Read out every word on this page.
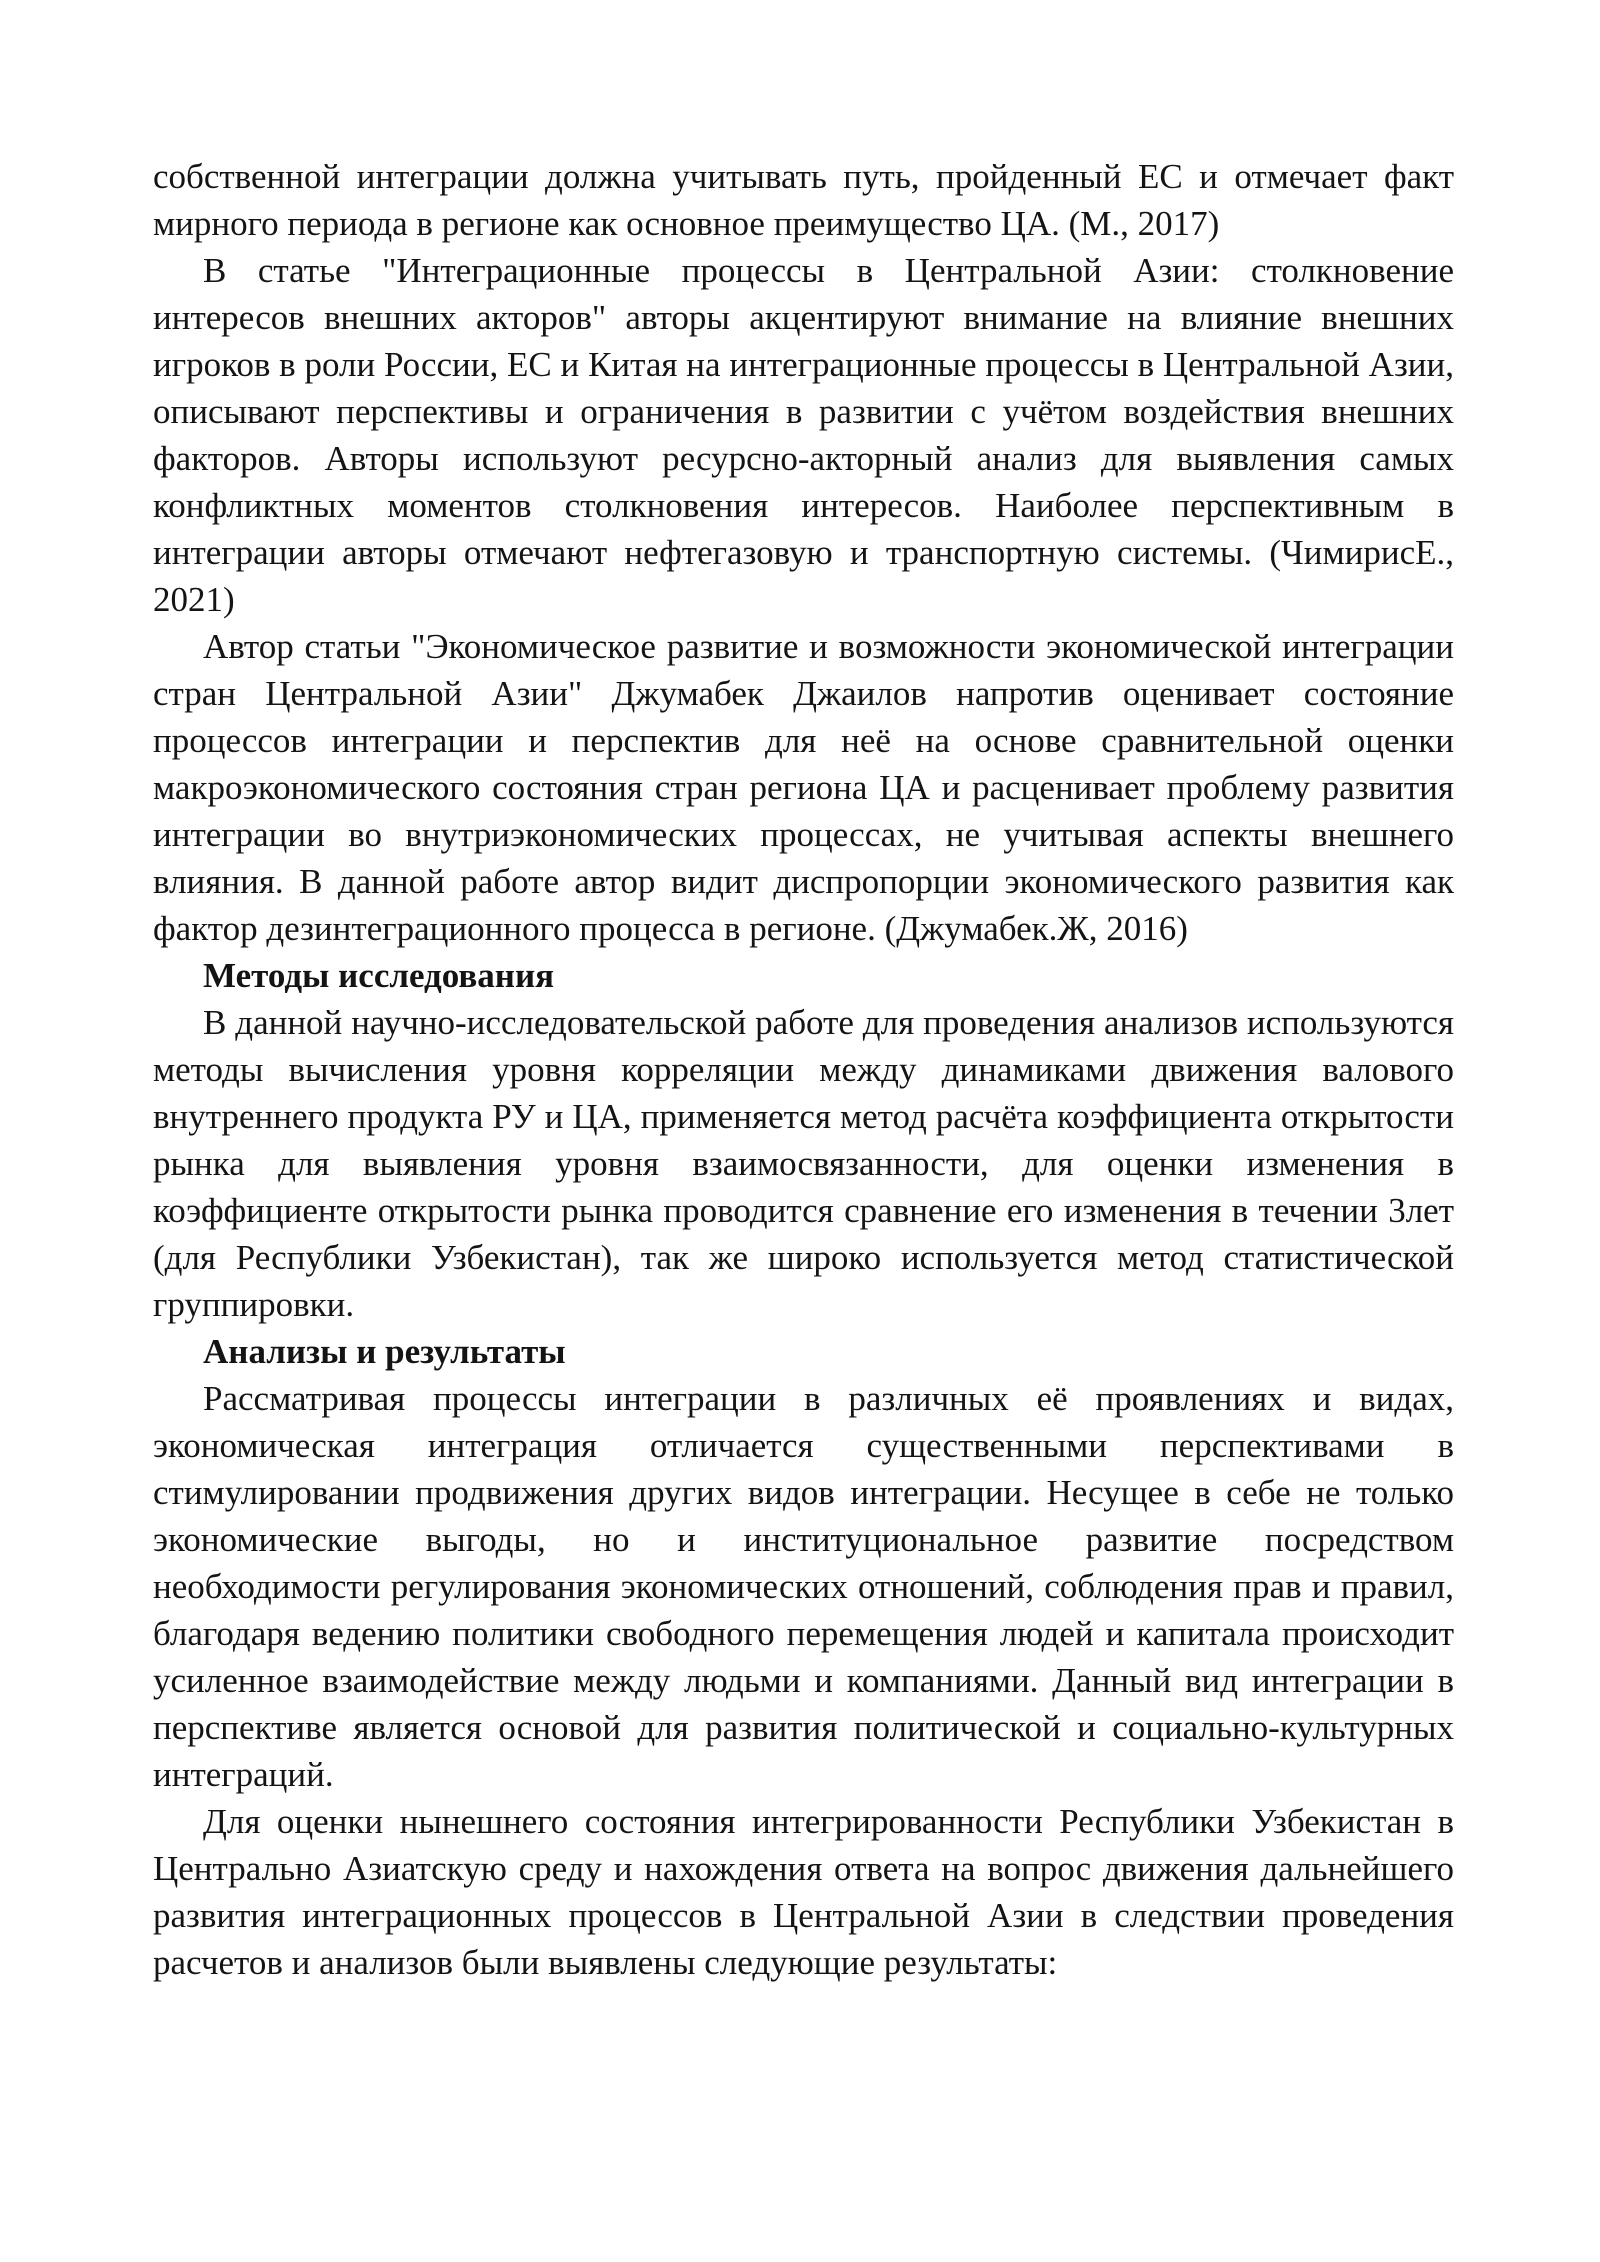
собственной интеграции должна учитывать путь, пройденный ЕС и отмечает факт мирного периода в регионе как основное преимущество ЦА. (М., 2017)

В статье "Интеграционные процессы в Центральной Азии: столкновение интересов внешних акторов" авторы акцентируют внимание на влияние внешних игроков в роли России, ЕС и Китая на интеграционные процессы в Центральной Азии, описывают перспективы и ограничения в развитии с учётом воздействия внешних факторов. Авторы используют ресурсно-акторный анализ для выявления самых конфликтных моментов столкновения интересов. Наиболее перспективным в интеграции авторы отмечают нефтегазовую и транспортную системы. (ЧимирисЕ., 2021)

Автор статьи "Экономическое развитие и возможности экономической интеграции стран Центральной Азии" Джумабек Джаилов напротив оценивает состояние процессов интеграции и перспектив для неё на основе сравнительной оценки макроэкономического состояния стран региона ЦА и расценивает проблему развития интеграции во внутриэкономических процессах, не учитывая аспекты внешнего влияния. В данной работе автор видит диспропорции экономического развития как фактор дезинтеграционного процесса в регионе. (Джумабек.Ж, 2016)

Методы исследования

В данной научно-исследовательской работе для проведения анализов используются методы вычисления уровня корреляции между динамиками движения валового внутреннего продукта РУ и ЦА, применяется метод расчёта коэффициента открытости рынка для выявления уровня взаимосвязанности, для оценки изменения в коэффициенте открытости рынка проводится сравнение его изменения в течении 3лет (для Республики Узбекистан), так же широко используется метод статистической группировки.

Анализы и результаты

Рассматривая процессы интеграции в различных её проявлениях и видах, экономическая интеграция отличается существенными перспективами в стимулировании продвижения других видов интеграции. Несущее в себе не только экономические выгоды, но и институциональное развитие посредством необходимости регулирования экономических отношений, соблюдения прав и правил, благодаря ведению политики свободного перемещения людей и капитала происходит усиленное взаимодействие между людьми и компаниями. Данный вид интеграции в перспективе является основой для развития политической и социально-культурных интеграций.

Для оценки нынешнего состояния интегрированности Республики Узбекистан в Центрально Азиатскую среду и нахождения ответа на вопрос движения дальнейшего развития интеграционных процессов в Центральной Азии в следствии проведения расчетов и анализов были выявлены следующие результаты:
